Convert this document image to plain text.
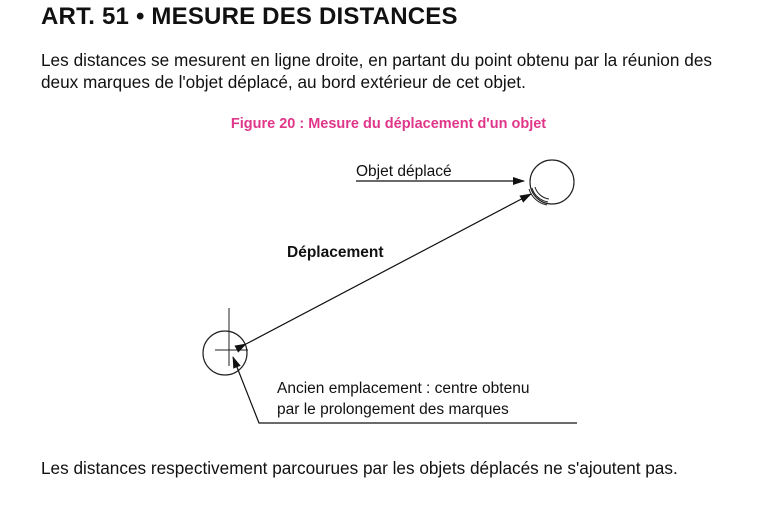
ART. 51 • MESURE DES DISTANCES

Les distances se mesurent en ligne droite, en partant du point obtenu par la réunion des deux marques de l'objet déplacé, au bord extérieur de cet objet.

Figure 20 : Mesure du déplacement d'un objet
Objet déplacé
Déplacement
Ancien emplacement : centre obtenu
par le prolongement des marques

Les distances respectivement parcourues par les objets déplacés ne s'ajoutent pas.
